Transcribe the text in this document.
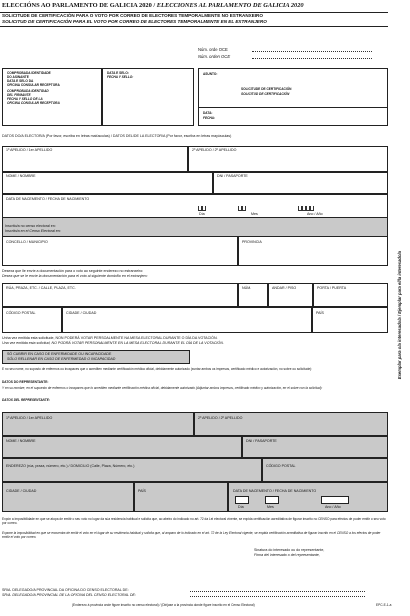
ELECCIÓNS AO PARLAMENTO DE GALICIA 2020 / ELECCIONES AL PARLAMENTO DE GALICIA 2020
SOLICITUDE DE CERTIFICACIÓN PARA O VOTO POR CORREO DE ELECTORES TEMPORALMENTE NO ESTRANXEIRO
SOLICITUD DE CERTIFICACIÓN PARA EL VOTO POR CORREO DE ELECTORES TEMPORALMENTE EN EL EXTRANJERO
Núm. orde OCE
Núm. orden OCE
COMPROBADA IDENTIDADE
DO ASINANTE
DATA E SELO DA
OFICINA CONSULAR RECEPTORA
COMPROBADA IDENTIDAD
DEL FIRMANTE
FECHA Y SELLO DE LA
OFICINA CONSULAR RECEPTORA
DATA E SELO:
FECHA Y SELLO:
ASUNTO:
SOLICITUDE DE CERTIFICACIÓN
SOLICITUD DE CERTIFICACIÓN
DATA:
FECHA:
DATOS DO/A ELECTOR/A (Por favor, escriba en letras maiúsculas) / DATOS DEL/DE LA ELECTOR/A (Por favor, escriba en letras mayúsculas)
1º APELIDO / 1er APELLIDO	2º APELIDO / 2º APELLIDO
NOME / NOMBRE	DNI / PASAPORTE
DATA DE NACEMENTO / FECHA DE NACIMIENTO
Día	Mes	Ano / Año
Inscrito/a no censo electoral en:
Inscrito/a en el Censo Electoral en:
CONCELLO / MUNICIPIO	PROVINCIA
Desexa que lle envíe a documentación para o voto ao seguinte enderezo no estranxeiro:
Desea que se le envíe la documentación para el voto al siguiente domicilio en el extranjero:
RÚA, PRAZA, ETC. / CALLE, PLAZA, ETC.	NÚM.	ANDAR / PISO	PORTA / PUERTA
CÓDIGO POSTAL	CIDADE / CIUDAD	PAÍS
Unha vez emitida esta solicitude, NON PODERÁ VOTAR PERSOALMENTE NA MESA ELECTORAL DURANTE O DÍA DA VOTACIÓN.
Una vez emitida esta solicitud, NO PODRÁ VOTAR PERSONALMENTE EN LA MESA ELECTORAL DURANTE EL DÍA DE LA VOTACIÓN.
SÓ CUBRIR EN CASO DE ENFERMIDADE OU INCAPACIDADE
SÓLO RELLENAR EN CASO DE ENFERMEDAD O INCAPACIDAD
E no seu nome, no suposto de enfermos ou incapaces que o acrediten mediante certificación médica oficial, debidamente autorizado (xuntar ambos os impresos, certificado médico e autorización, no sobre ou solicitude):
DATOS DO REPRESENTANTE:
Y en su nombre, en el supuesto de enfermos o incapaces que lo acrediten mediante certificación médica oficial, debidamente autorizado (Adjuntar ambos impresos, certificado médico y autorización, en el sobre con la solicitud):
DATOS DEL REPRESENTANTE:
1º APELIDO / 1er APELLIDO	2º APELIDO / 2º APELLIDO
NOME / NOMBRE	DNI / PASAPORTE
ENDEREZO (rúa, praza, número, etc.) / DOMICILIO (Calle, Plaza, Número, etc.)	CÓDIGO POSTAL
CIDADE / CIUDAD	PAÍS	DATA DE NACEMENTO / FECHA DE NACIMIENTO
Día	Mes	Ano / Año
Expón a imposibilidade en que se atopa de emitir o seu voto no lugar da súa residencia habitual e solicita que, ao abeiro do indicado no art. 72 da Lei electoral vixente, se expida certificación acreditativa de figurar inscrito no CENSO para efectos de poder emitir o seu voto por correo.
Expone la imposibilidad en que se encuentra de emitir el voto en el lugar de su residencia habitual y solicita que, al amparo de lo indicado en el art. 72 de la Ley Electoral vigente, se expida certificación acreditativa de figurar inscrito en el CENSO a los efectos de poder emitir el voto por correo.
Sinatura do interesado ou do representante,
Firma del interesado o del representante,
SRIA. DELEGADO/A PROVINCIAL DA OFICINA DO CENSO ELECTORAL DE:
SR/A. DELEGADO/A PROVINCIAL DE LA OFICINA DEL CENSO ELECTORAL DE:
(Enderezo á provincia onde figure inscrito no censo electoral) / (Diríjase a la provincia donde figure inscrito en el Censo Electoral)	EPC-E-1-a
Exemplar para o/a interesado/a / Ejemplar para el/la interesado/a
